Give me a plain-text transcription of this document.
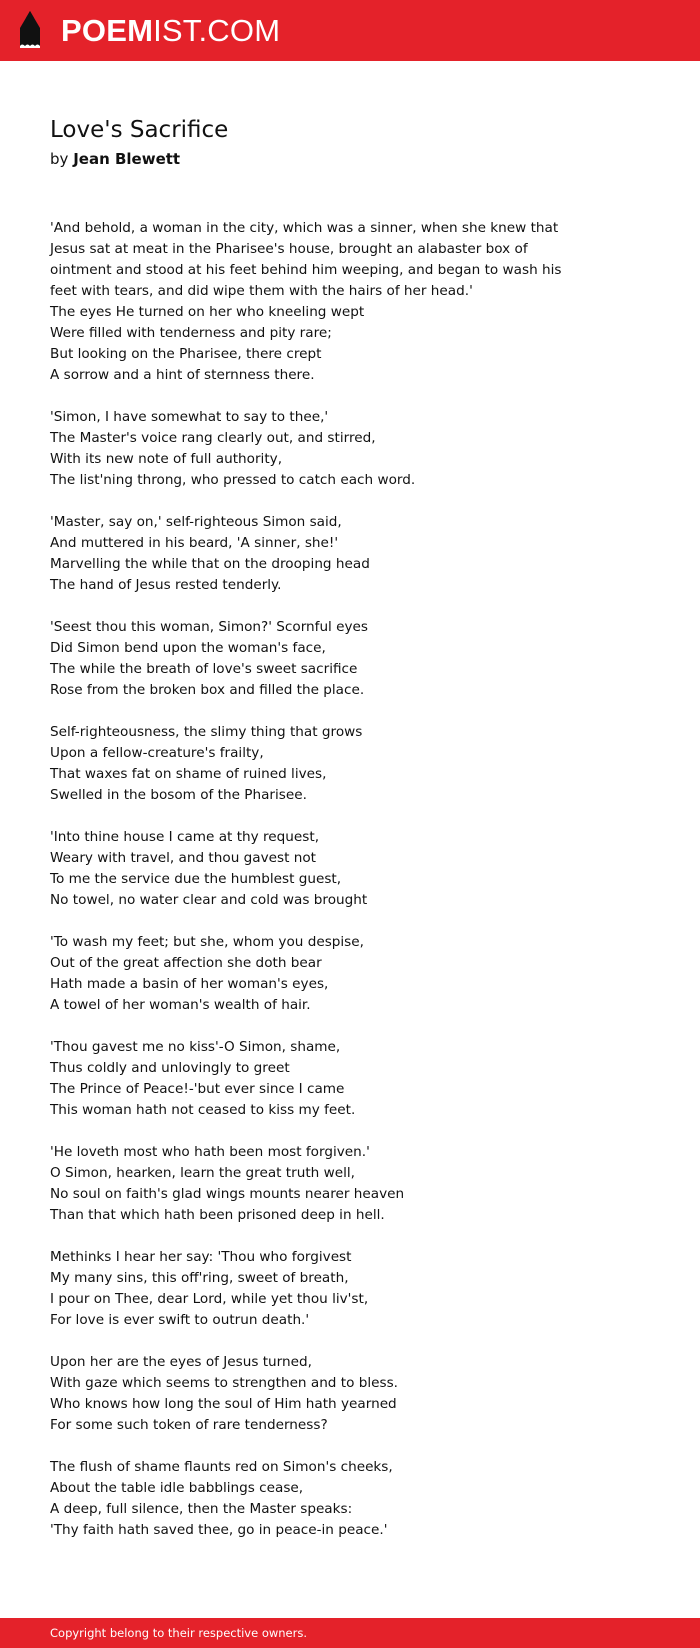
POEMIST.COM
Love's Sacrifice
by Jean Blewett
'And behold, a woman in the city, which was a sinner, when she knew that
Jesus sat at meat in the Pharisee's house, brought an alabaster box of
ointment and stood at his feet behind him weeping, and began to wash his
feet with tears, and did wipe them with the hairs of her head.'
The eyes He turned on her who kneeling wept
Were filled with tenderness and pity rare;
But looking on the Pharisee, there crept
A sorrow and a hint of sternness there.
'Simon, I have somewhat to say to thee,'
The Master's voice rang clearly out, and stirred,
With its new note of full authority,
The list'ning throng, who pressed to catch each word.
'Master, say on,' self-righteous Simon said,
And muttered in his beard, 'A sinner, she!'
Marvelling the while that on the drooping head
The hand of Jesus rested tenderly.
'Seest thou this woman, Simon?' Scornful eyes
Did Simon bend upon the woman's face,
The while the breath of love's sweet sacrifice
Rose from the broken box and filled the place.
Self-righteousness, the slimy thing that grows
Upon a fellow-creature's frailty,
That waxes fat on shame of ruined lives,
Swelled in the bosom of the Pharisee.
'Into thine house I came at thy request,
Weary with travel, and thou gavest not
To me the service due the humblest guest,
No towel, no water clear and cold was brought
'To wash my feet; but she, whom you despise,
Out of the great affection she doth bear
Hath made a basin of her woman's eyes,
A towel of her woman's wealth of hair.
'Thou gavest me no kiss'-O Simon, shame,
Thus coldly and unlovingly to greet
The Prince of Peace!-'but ever since I came
This woman hath not ceased to kiss my feet.
'He loveth most who hath been most forgiven.'
O Simon, hearken, learn the great truth well,
No soul on faith's glad wings mounts nearer heaven
Than that which hath been prisoned deep in hell.
Methinks I hear her say: 'Thou who forgivest
My many sins, this off'ring, sweet of breath,
I pour on Thee, dear Lord, while yet thou liv'st,
For love is ever swift to outrun death.'
Upon her are the eyes of Jesus turned,
With gaze which seems to strengthen and to bless.
Who knows how long the soul of Him hath yearned
For some such token of rare tenderness?
The flush of shame flaunts red on Simon's cheeks,
About the table idle babblings cease,
A deep, full silence, then the Master speaks:
'Thy faith hath saved thee, go in peace-in peace.'
Copyright belong to their respective owners.
